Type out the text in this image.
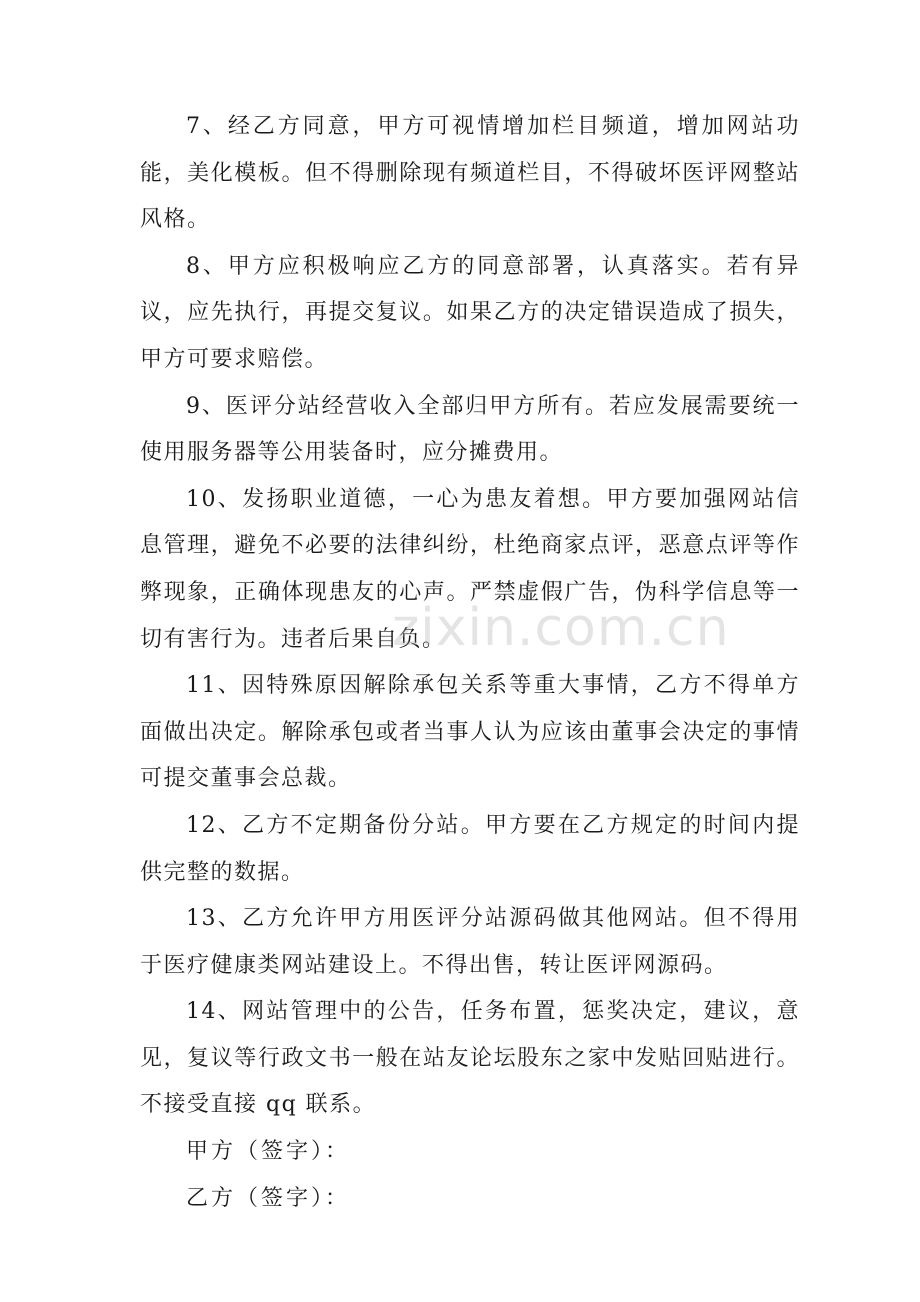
7、经乙方同意，甲方可视情增加栏目频道，增加网站功能，美化模板。但不得删除现有频道栏目，不得破坏医评网整站风格。

8、甲方应积极响应乙方的同意部署，认真落实。若有异议，应先执行，再提交复议。如果乙方的决定错误造成了损失，甲方可要求赔偿。

9、医评分站经营收入全部归甲方所有。若应发展需要统一使用服务器等公用装备时，应分摊费用。

10、发扬职业道德，一心为患友着想。甲方要加强网站信息管理，避免不必要的法律纠纷，杜绝商家点评，恶意点评等作弊现象，正确体现患友的心声。严禁虚假广告，伪科学信息等一切有害行为。违者后果自负。

11、因特殊原因解除承包关系等重大事情，乙方不得单方面做出决定。解除承包或者当事人认为应该由董事会决定的事情可提交董事会总裁。

12、乙方不定期备份分站。甲方要在乙方规定的时间内提供完整的数据。

13、乙方允许甲方用医评分站源码做其他网站。但不得用于医疗健康类网站建设上。不得出售，转让医评网源码。

14、网站管理中的公告，任务布置，惩奖决定，建议，意见，复议等行政文书一般在站友论坛股东之家中发贴回贴进行。不接受直接 qq 联系。

甲方（签字）：

乙方（签字）：

zixin.com.cn
